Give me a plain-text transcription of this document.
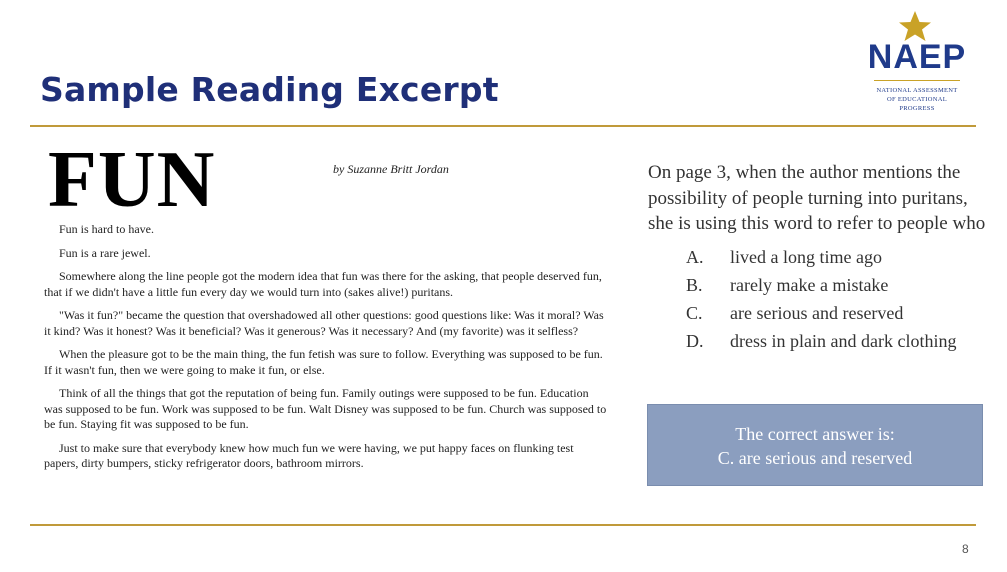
Sample Reading Excerpt
NAEP
NATIONAL ASSESSMENT
OF EDUCATIONAL
PROGRESS
FUN	by Suzanne Britt Jordan

Fun is hard to have.

Fun is a rare jewel.

Somewhere along the line people got the modern idea that fun was there for the asking, that people deserved fun, that if we didn't have a little fun every day we would turn into (sakes alive!) puritans.

"Was it fun?" became the question that overshadowed all other questions: good questions like: Was it moral? Was it kind? Was it honest? Was it beneficial? Was it generous? Was it necessary? And (my favorite) was it selfless?

When the pleasure got to be the main thing, the fun fetish was sure to follow. Everything was supposed to be fun. If it wasn't fun, then we were going to make it fun, or else.

Think of all the things that got the reputation of being fun. Family outings were supposed to be fun. Education was supposed to be fun. Work was supposed to be fun. Walt Disney was supposed to be fun. Church was supposed to be fun. Staying fit was supposed to be fun.

Just to make sure that everybody knew how much fun we were having, we put happy faces on flunking test papers, dirty bumpers, sticky refrigerator doors, bathroom mirrors.

On page 3, when the author mentions the possibility of people turning into puritans, she is using this word to refer to people who

A.	lived a long time ago
B.	rarely make a mistake
C.	are serious and reserved
D.	dress in plain and dark clothing
The correct answer is:
C. are serious and reserved
8
